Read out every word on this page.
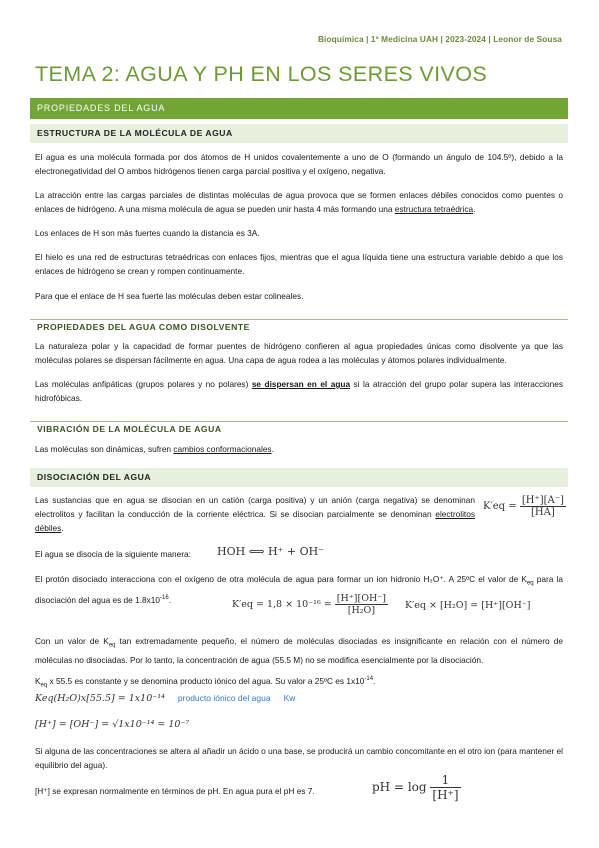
Bioquímica | 1º Medicina UAH | 2023-2024 | Leonor de Sousa
TEMA 2: AGUA Y PH EN LOS SERES VIVOS
PROPIEDADES DEL AGUA
ESTRUCTURA DE LA MOLÉCULA DE AGUA
El agua es una molécula formada por dos átomos de H unidos covalentemente a uno de O (formando un ángulo de 104.5º), debido a la electronegatividad del O ambos hidrógenos tienen carga parcial positiva y el oxígeno, negativa.
La atracción entre las cargas parciales de distintas moléculas de agua provoca que se formen enlaces débiles conocidos como puentes o enlaces de hidrógeno. A una misma molécula de agua se pueden unir hasta 4 más formando una estructura tetraédrica.
Los enlaces de H son más fuertes cuando la distancia es 3A.
El hielo es una red de estructuras tetraédricas con enlaces fijos, mientras que el agua líquida tiene una estructura variable debido a que los enlaces de hidrógeno se crean y rompen continuamente.
Para que el enlace de H sea fuerte las moléculas deben estar colineales.
PROPIEDADES DEL AGUA COMO DISOLVENTE
La naturaleza polar y la capacidad de formar puentes de hidrógeno confieren al agua propiedades únicas como disolvente ya que las moléculas polares se dispersan fácilmente en agua. Una capa de agua rodea a las moléculas y átomos polares individualmente.
Las moléculas anfipáticas (grupos polares y no polares) se dispersan en el agua si la atracción del grupo polar supera las interacciones hidrofóbicas.
VIBRACIÓN DE LA MOLÉCULA DE AGUA
Las moléculas son dinámicas, sufren cambios conformacionales.
DISOCIACIÓN DEL AGUA
Las sustancias que en agua se disocian en un catión (carga positiva) y un anión (carga negativa) se denominan electrolitos y facilitan la conducción de la corriente eléctrica. Si se disocian parcialmente se denominan electrolitos débiles.
$K'eq = \frac{[H^+][A^-]}{[HA]}$
El agua se disocia de la siguiente manera:	HOH ⟺ H⁺ + OH⁻
El protón disociado interacciona con el oxígeno de otra molécula de agua para formar un ion hidronio H₃O⁺. A 25ºC el valor de $K_{eq}$ para la disociación del agua es de $1.8x10^{-16}$.	$K'eq = 1,8 \times 10^{-16} = \frac{[H^+][OH^-]}{\text{[H₂O]}} K'eq \times [H_2O] = [H^+][OH^-]$
Con un valor de $K_{eq}$ tan extremadamente pequeño, el número de moléculas disociadas es insignificante en relación con el número de moléculas no disociadas. Por lo tanto, la concentración de agua (55.5 M) no se modifica esencialmente por la disociación.
$K_{eq}$ x 55.5 es constante y se denomina producto iónico del agua. Su valor a 25ºC es $1x10^{-14}$.
Keq(H₂O)x[55.5] = 1x10⁻¹⁴ producto iónico del agua Kw
[H⁺] = [OH⁻] = √1x10⁻¹⁴ = 10⁻⁷
Si alguna de las concentraciones se altera al añadir un ácido o una base, se producirá un cambio concomitante en el otro ion (para mantener el equilibrio del agua).
[H⁺] se expresan normalmente en términos de pH. En agua pura el pH es 7.	pH = $\log \frac{1}{[H^+]}$
